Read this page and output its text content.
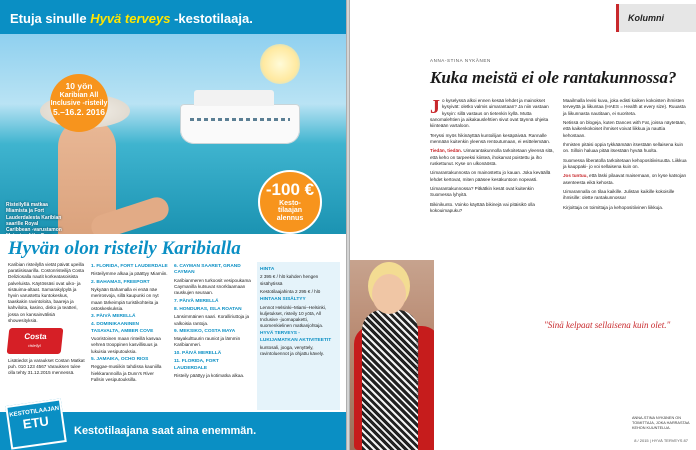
Etuja sinulle Hyvä terveys -kestotilaaja.
10 yön
Karibian All Inclusive -risteily

5.–16.2. 2016
Risteilyllä matkaa Miamista ja Fort Lauderdalesta Karibian saarille Royal Caribbean -varustamon
-100 €
Kesto-
tilaajan
alennus
Hyvän olon risteily Karibialla

Karibian risteilyllä vietät päivät upeilla paratiisisaarilla. Costonristeilijä Costa Deliziosalla nautit korkeatasoisista palveluista. Käytössäsi ovat uiko- ja sisäuima-altaat. Samarakylpylä ja hyvin varustettu kuntokeskus, taaskakin ravintoloita, baareja ja kahviloita, kasino, disko ja teatteri, jossa on kansainvälisiä showesityksiä.

Costa
risteilyt

Lisätiedot ja varaukset Costan Matkat puh. 010 123 4567 Varauksen tulee olla tehty 31.12.2015 mennessä.

1. FLORIDA, FORT LAUDERDALE

Risteilymme alkaa ja päättyy Miamiin.

2. BAHAMAS, FREEPORT

Nykyään Bahamalla ei enää näe merirosvoja, sillä kaupunki on nyt maan tärkeimpiä turistikohteita ja ostoskeskuksia.

3. PÄIVÄ MERELLÄ
4. DOMINIKAANINEN TASAVALTA, AMBER COVE

Vuoristoinen maan rinteillä kasvaa vehreä trooppinen kasvillisuus ja lukuisia vesiputouksia.

5. JAMAIKA, OCHO RIOS

Reggae-musiikin tahdissa kauniilla hiekkarannoilla ja Dunn's River Fallsin vesiputouksilla.

6. CAYMAN SAARET, GRAND CAYMAN

Karibianmeren turkoosit vesipoukama Caymanilla kutsuvat snorklaamaan rauskujen seuraan.

7. PÄIVÄ MERELLÄ
8. HONDURAS, ISLA ROATAN

Länsimmäinen saari. Koralliriuttoja ja valkoisia rantoja.

9. MEKSIKO, COSTA MAYA

Mayakulttuurin rauniot ja lämmin Karibianmeri.

10. PÄIVÄ MERELLÄ
11. FLORIDA, FORT LAUDERDALE

Risteily päättyy ja kotimatka alkaa.

HINTA

2 395 € / hlö kahden hengen sisähytissä

Kestotilaajahinta 2 295 € / hlö

HINTAAN SISÄLTYY

Lennot Helsinki–Miami–Helsinki, kuljetukset, risteily 10 yötä, All Inclusive -juomapaketti, suomenkielinen matkanjohtaja.

HYVÄ TERVEYS -LUKIJAMATKAN AKTIVITEETIT

kuntosali, jooga, venyttely, ravintoluennot ja ohjattu kävely.

Kestotilaajana saat aina enemmän.
KESTOTILAAJAN
ETU
Kolumni
ANNA-STINA NYKÄNEN
Kuka meistä ei ole rantakunnossa?

Jo kyselyssä alkoi ennen kesää lehdet ja mainokset kysyivät: oletko valmis uimarantaan? Ja niin vastaan kysyin: sillä vastaus on tietenkin kyllä. Mutta sanomalehtien ja aikakauslehtien sivut ovat täynnä ohjeita kiinteään vartaloon.

Teryssi myös hikinäyttää kuntoilijan kesäpäivää. Rannalle mennään kuitenkin yleensä rentoutumaan, ei esittelemään.

Tiedän, tiedän. Uimarantakunnolla tarkoitetaan yleensä sitä, että keho on tarpeeksi kiinteä, ihokarvat poistettu ja iho ruskettunut. Kyse on ulkonäöstä.

Uimarantakunnosta on mainostettu jo kauan. Joka keväällä lehdet kertovat, miten pääsee kesäkuntoon nopeasti.

Uimarantakunnossa? Pitkätkin kesät ovat kuitenkin Suomessa lyhyitä.

Bikinikunto. Voinko käyttää bikinejä vai pitäisikö olla kokouimapuku?

Maailmalla levisi kuva, joka edisti kaiken kokoisten ihmisten terveyttä ja liikuntaa (HAES = Health at every size). Ruuasta ja liikunnasta nautitaan, ei suoriteta.

Netissä on blogeja, kuten Dances with Fat, joissa näytetään, että kaikenkokoiset ihmiset voivat liikkua ja nauttia kehostaan.

Ihmisten pitäisi oppia tykkäämään itsestään sellaisena kuin on. Silloin haluaa pitää itsestään hyvää huolta.

Suomessa liberatolla tarkoitetaan kehopositiivisuutta. Liikkua ja kauppaki- jo voi sellaisena kuin on.

Jos tuntuu, että läski pilaavat maisemaan, on kyse katsojan asenteesta eikä kehosta.

Uimarannalla on tilaa kaikille. Julistan kaikille kokoisille ihmisille: olette rantakunnossa!

Kirjoittaja on toimittaja ja kehopositiivinen liikkuja.

KUVA: ANNA-STINA NYKÄNEN
"Sinä kelpaat sellaisena kuin olet."
ANNA-STINA NYKÄNEN ON TOIMITTAJA, JOKA HARRASTAA KEHON KUUNTELUA.
8 / 2015 | HYVÄ TERVEYS 87
